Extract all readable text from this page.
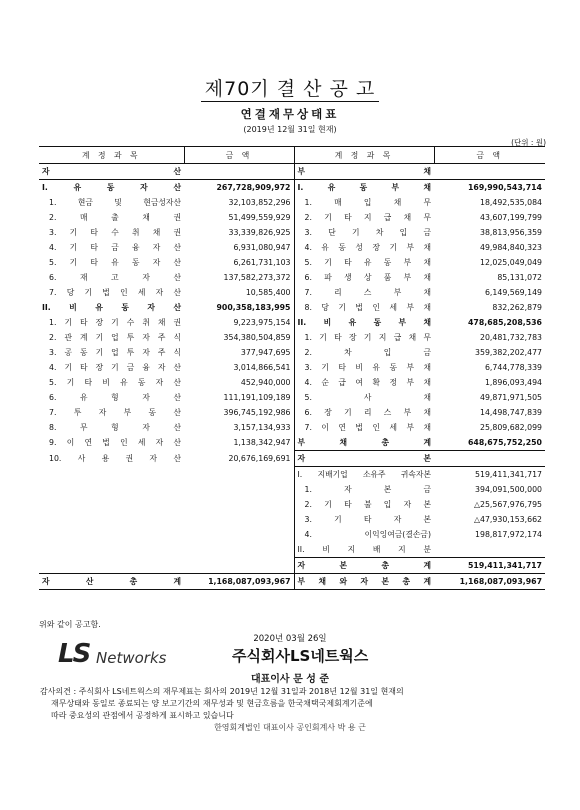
제70기 결 산 공 고
연결재무상태표
(2019년 12월 31일 현재)
(단위 : 원)
계 정 과 목	금 액	계 정 과 목	금 액
자 산		부 채	
I. 유 동 자 산	267,728,909,972	I. 유 동 부 채	169,990,543,714
1. 현금 및 현금성자산	32,103,852,296	1. 매 입 채 무	18,492,535,084
2. 매 출 채 권	51,499,559,929	2. 기 타 지 급 채 무	43,607,199,799
3. 기 타 수 취 채 권	33,339,826,925	3. 단 기 차 입 금	38,813,956,359
4. 기 타 금 융 자 산	6,931,080,947	4. 유 동 성 장 기 부 채	49,984,840,323
5. 기 타 유 동 자 산	6,261,731,103	5. 기 타 유 동 부 채	12,025,049,049
6. 재 고 자 산	137,582,273,372	6. 파 생 상 품 부 채	85,131,072
7. 당 기 법 인 세 자 산	10,585,400	7. 리 스 부 채	6,149,569,149
II. 비 유 동 자 산	900,358,183,995	8. 당 기 법 인 세 부 채	832,262,879
1. 기 타 장 기 수 취 채 권	9,223,975,154	II. 비 유 동 부 채	478,685,208,536
2. 관 계 기 업 투 자 주 식	354,380,504,859	1. 기 타 장 기 지 급 채 무	20,481,732,783
3. 공 동 기 업 투 자 주 식	377,947,695	2. 차 입 금	359,382,202,477
4. 기 타 장 기 금 융 자 산	3,014,866,541	3. 기 타 비 유 동 부 채	6,744,778,339
5. 기 타 비 유 동 자 산	452,940,000	4. 순 급 여 확 정 부 채	1,896,093,494
6. 유 형 자 산	111,191,109,189	5. 사 채	49,871,971,505
7. 투 자 부 동 산	396,745,192,986	6. 장 기 리 스 부 채	14,498,747,839
8. 무 형 자 산	3,157,134,933	7. 이 연 법 인 세 부 채	25,809,682,099
9. 이 연 법 인 세 자 산	1,138,342,947	부 채 총 계	648,675,752,250
10. 사 용 권 자 산	20,676,169,691	자 본	
		I. 지배기업 소유주 귀속자본	519,411,341,717
		1. 자 본 금	394,091,500,000
		2. 기 타 불 입 자 본	△25,567,976,795
		3. 기 타 자 본	△47,930,153,662
		4. 이익잉여금(결손금)	198,817,972,174
		II. 비 지 배 지 분	
		자 본 총 계	519,411,341,717
자 산 총 계	1,168,087,093,967	부 채 와 자 본 총 계	1,168,087,093,967
위와 같이 공고함.
2020년 03월 26일
LS Networks	주식회사LS네트웍스
대표이사 문 성 준
감사의견 : 주식회사 LS네트웍스의 재무제표는 회사의 2019년 12월 31일과 2018년 12월 31일 현재의
재무상태와 동일로 종료되는 양 보고기간의 재무성과 및 현금흐름을 한국채택국제회계기준에
따라 중요성의 관점에서 공정하게 표시하고 있습니다
한영회계법인 대표이사 공인회계사 박 용 근
